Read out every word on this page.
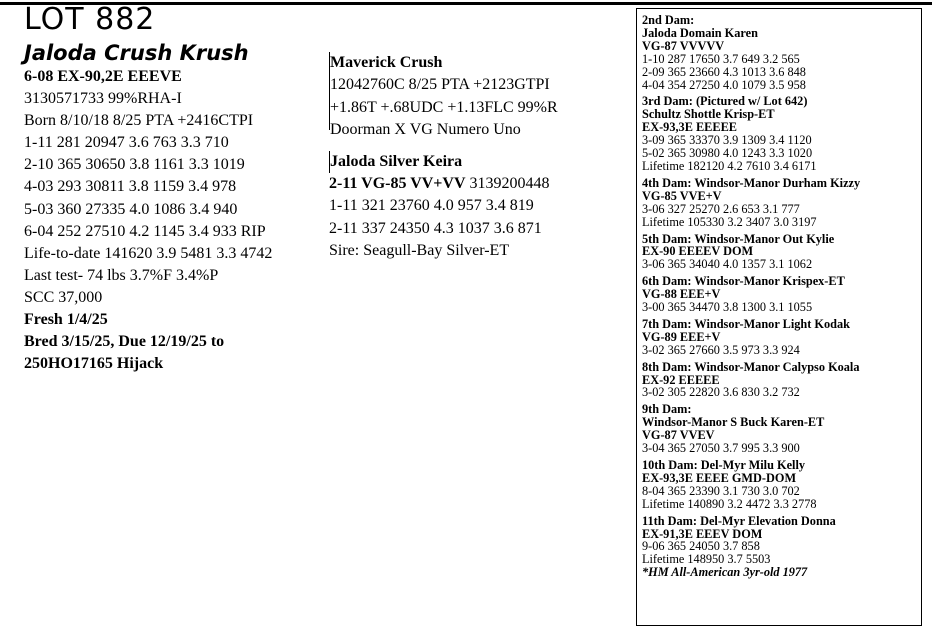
LOT 882
Jaloda Crush Krush
6-08 EX-90,2E EEEVE
3130571733 99%RHA-I
Born 8/10/18 8/25 PTA +2416CTPI
1-11 281 20947 3.6 763 3.3 710
2-10 365 30650 3.8 1161 3.3 1019
4-03 293 30811 3.8 1159 3.4 978
5-03 360 27335 4.0 1086 3.4 940
6-04 252 27510 4.2 1145 3.4 933 RIP
Life-to-date 141620 3.9 5481 3.3 4742
Last test- 74 lbs 3.7%F 3.4%P
SCC 37,000
Fresh 1/4/25
Bred 3/15/25, Due 12/19/25 to
250HO17165 Hijack
Maverick Crush
12042760C 8/25 PTA +2123GTPI
+1.86T +.68UDC +1.13FLC 99%R
Doorman X VG Numero Uno
Jaloda Silver Keira
2-11 VG-85 VV+VV 3139200448
1-11 321 23760 4.0 957 3.4 819
2-11 337 24350 4.3 1037 3.6 871
Sire: Seagull-Bay Silver-ET
2nd Dam:
Jaloda Domain Karen
VG-87 VVVVV
1-10 287 17650 3.7 649 3.2 565
2-09 365 23660 4.3 1013 3.6 848
4-04 354 27250 4.0 1079 3.5 958
3rd Dam: (Pictured w/ Lot 642)
Schultz Shottle Krisp-ET
EX-93,3E EEEEE
3-09 365 33370 3.9 1309 3.4 1120
5-02 365 30980 4.0 1243 3.3 1020
Lifetime 182120 4.2 7610 3.4 6171
4th Dam: Windsor-Manor Durham Kizzy
VG-85 VVE+V
3-06 327 25270 2.6 653 3.1 777
Lifetime 105330 3.2 3407 3.0 3197
5th Dam: Windsor-Manor Out Kylie
EX-90 EEEEV DOM
3-06 365 34040 4.0 1357 3.1 1062
6th Dam: Windsor-Manor Krispex-ET
VG-88 EEE+V
3-00 365 34470 3.8 1300 3.1 1055
7th Dam: Windsor-Manor Light Kodak
VG-89 EEE+V
3-02 365 27660 3.5 973 3.3 924
8th Dam: Windsor-Manor Calypso Koala
EX-92 EEEEE
3-02 305 22820 3.6 830 3.2 732
9th Dam:
Windsor-Manor S Buck Karen-ET
VG-87 VVEV
3-04 365 27050 3.7 995 3.3 900
10th Dam: Del-Myr Milu Kelly
EX-93,3E EEEE GMD-DOM
8-04 365 23390 3.1 730 3.0 702
Lifetime 140890 3.2 4472 3.3 2778
11th Dam: Del-Myr Elevation Donna
EX-91,3E EEEV DOM
9-06 365 24050 3.7 858
Lifetime 148950 3.7 5503
*HM All-American 3yr-old 1977
